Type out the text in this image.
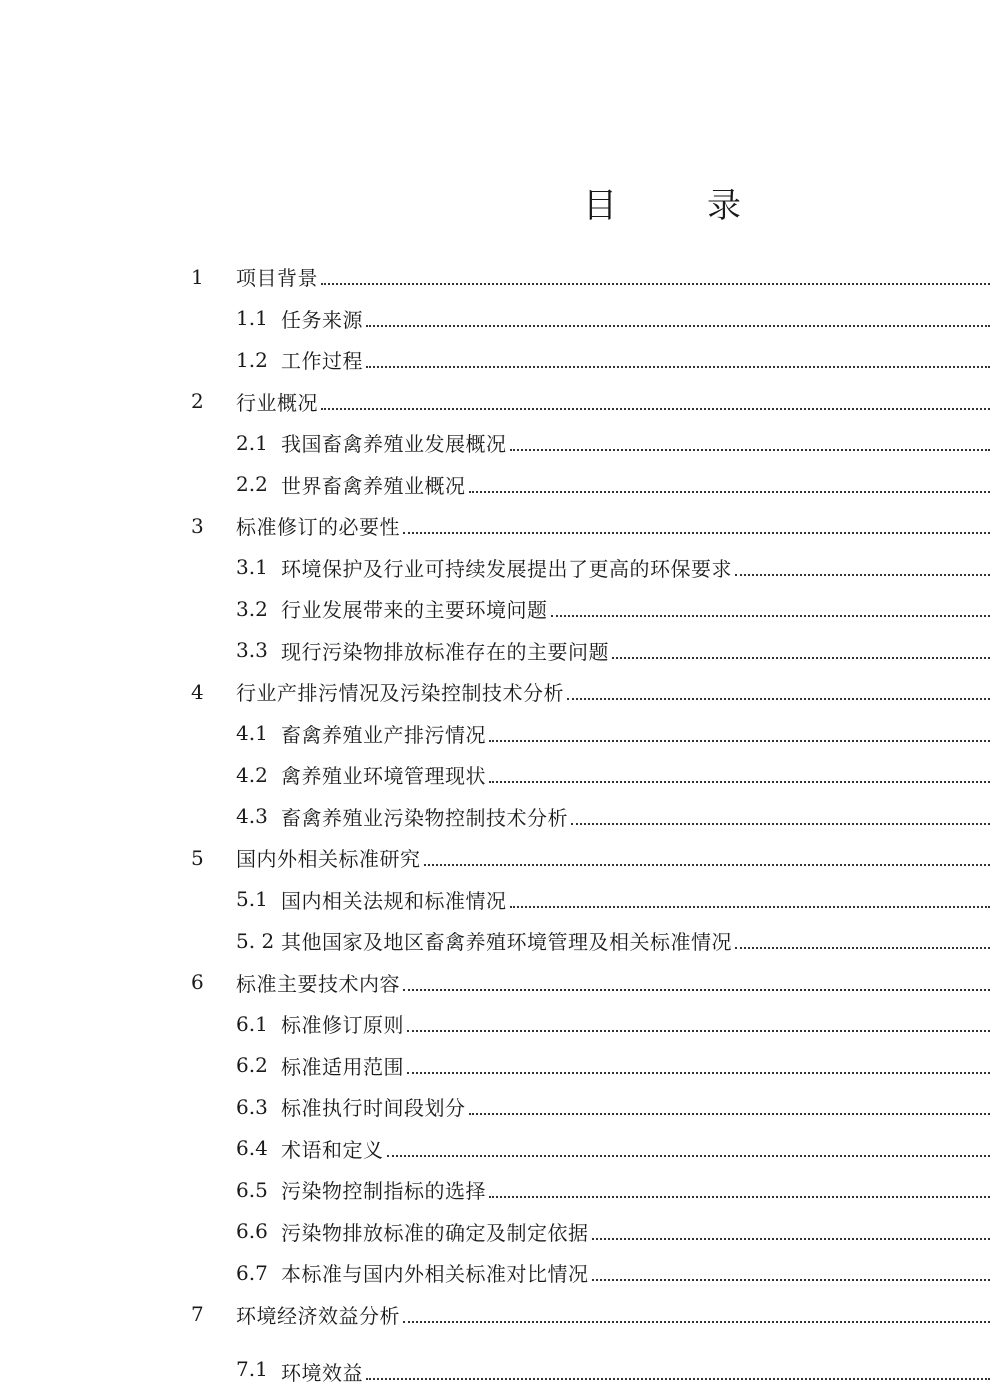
目　录
1 项目背景
1.1 任务来源
1.2 工作过程
2 行业概况
2.1 我国畜禽养殖业发展概况
2.2 世界畜禽养殖业概况
3 标准修订的必要性
3.1 环境保护及行业可持续发展提出了更高的环保要求
3.2 行业发展带来的主要环境问题
3.3 现行污染物排放标准存在的主要问题
4 行业产排污情况及污染控制技术分析
4.1 畜禽养殖业产排污情况
4.2 禽养殖业环境管理现状
4.3 畜禽养殖业污染物控制技术分析
5 国内外相关标准研究
5.1 国内相关法规和标准情况
5. 2 其他国家及地区畜禽养殖环境管理及相关标准情况
6 标准主要技术内容
6.1 标准修订原则
6.2 标准适用范围
6.3 标准执行时间段划分
6.4 术语和定义
6.5 污染物控制指标的选择
6.6 污染物排放标准的确定及制定依据
6.7 本标准与国内外相关标准对比情况
7 环境经济效益分析
7.1 环境效益
